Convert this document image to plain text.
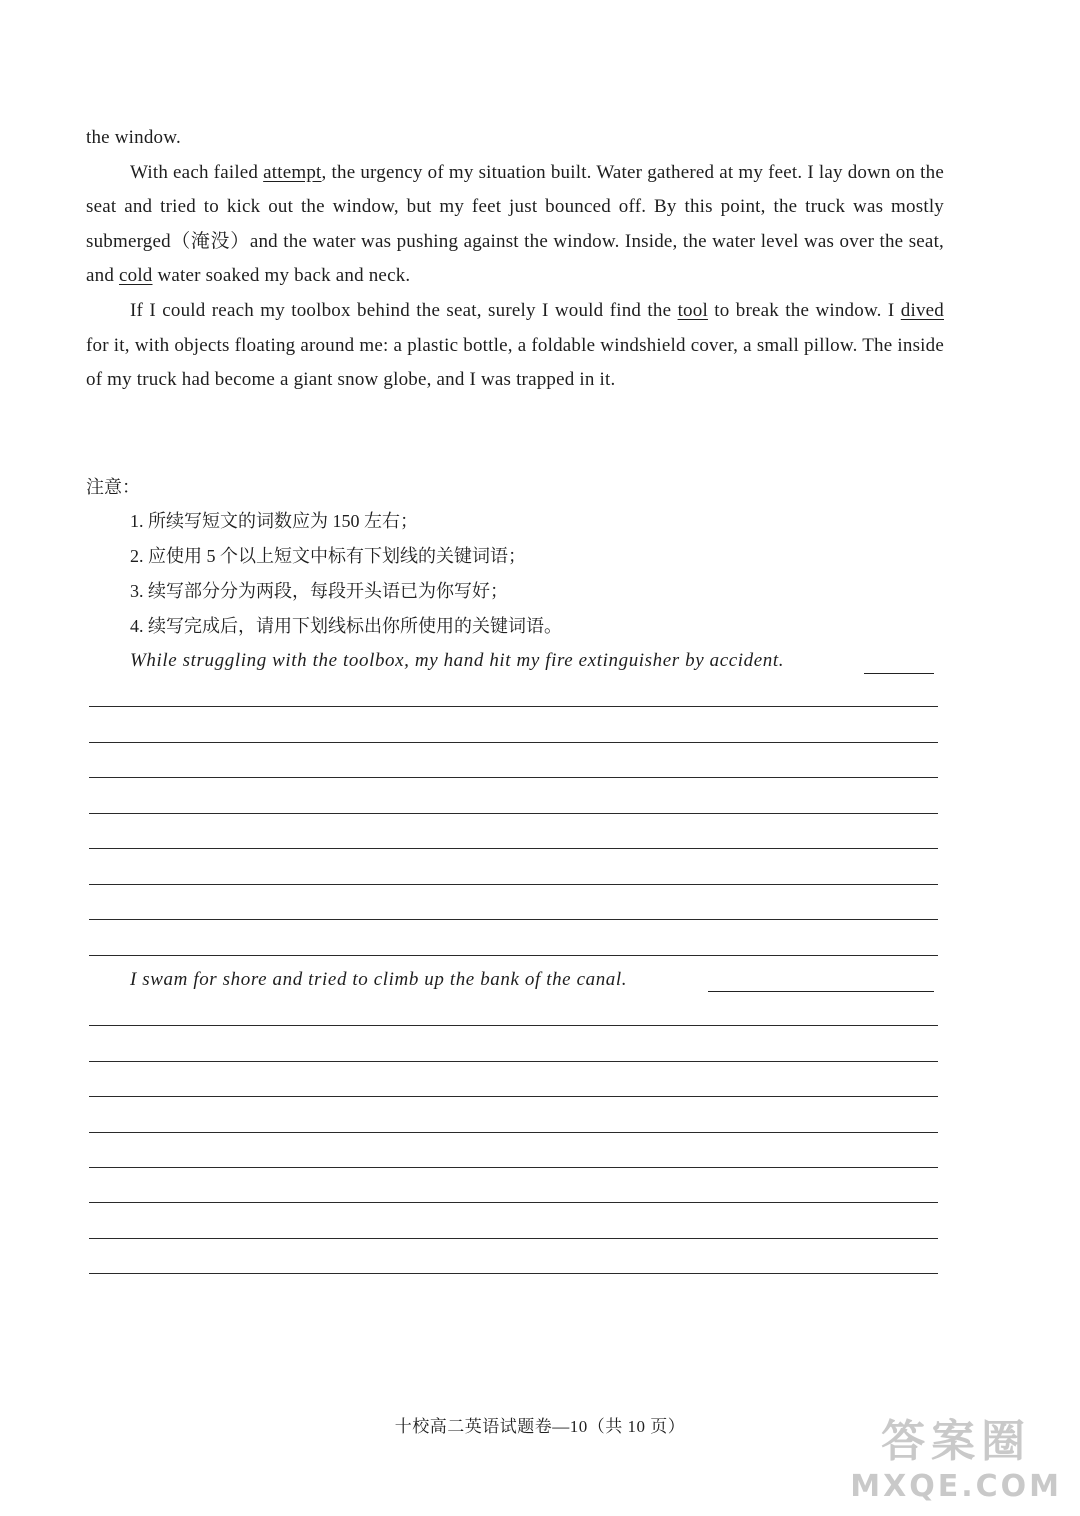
the window.

With each failed attempt, the urgency of my situation built. Water gathered at my feet. I lay down on the seat and tried to kick out the window, but my feet just bounced off. By this point, the truck was mostly submerged（淹没）and the water was pushing against the window. Inside, the water level was over the seat, and cold water soaked my back and neck.

If I could reach my toolbox behind the seat, surely I would find the tool to break the window. I dived for it, with objects floating around me: a plastic bottle, a foldable windshield cover, a small pillow. The inside of my truck had become a giant snow globe, and I was trapped in it.

注意：
1. 所续写短文的词数应为 150 左右；
2. 应使用 5 个以上短文中标有下划线的关键词语；
3. 续写部分分为两段，每段开头语已为你写好；
4. 续写完成后，请用下划线标出你所使用的关键词语。
While struggling with the toolbox, my hand hit my fire extinguisher by accident.
I swam for shore and tried to climb up the bank of the canal.
十校高二英语试题卷—10（共 10 页）	答案圈
MXQE.COM
